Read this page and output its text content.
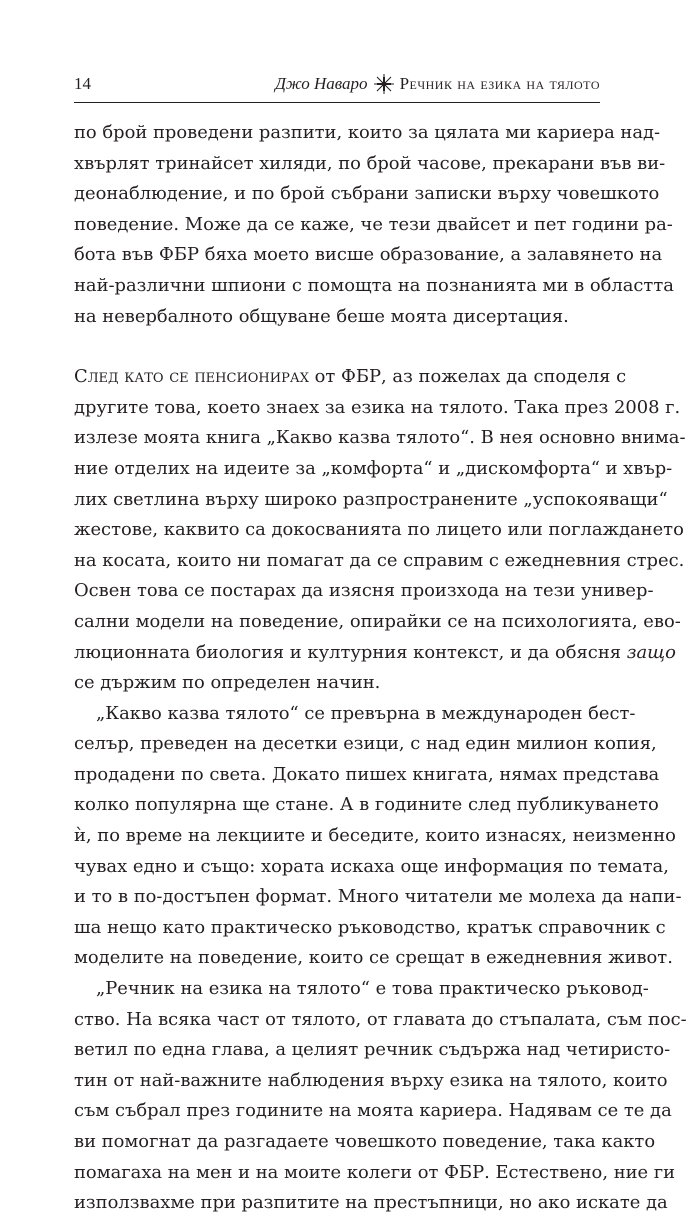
14	Джо Наваро Речник на езика на тялото
по брой проведени разпити, които за цялата ми кариера над-
хвърлят тринайсет хиляди, по брой часове, прекарани във ви-
деонаблюдение, и по брой събрани записки върху човешкото
поведение. Може да се каже, че тези двайсет и пет години ра-
бота във ФБР бяха моето висше образование, а залавянето на
най-различни шпиони с помощта на познанията ми в областта
на невербалното общуване беше моята дисертация.
След като се пенсионирах от ФБР, аз пожелах да споделя с
другите това, което знаех за езика на тялото. Така през 2008 г.
излезе моята книга „Какво казва тялото“. В нея основно внима-
ние отделих на идеите за „комфорта“ и „дискомфорта“ и хвър-
лих светлина върху широко разпространените „успокояващи“
жестове, каквито са докосванията по лицето или поглаждането
на косата, които ни помагат да се справим с ежедневния стрес.
Освен това се постарах да изясня произхода на тези универ-
сални модели на поведение, опирайки се на психологията, ево-
люционната биология и културния контекст, и да обясня защо
се държим по определен начин.
„Какво казва тялото“ се превърна в международен бест-
селър, преведен на десетки езици, с над един милион копия,
продадени по света. Докато пишех книгата, нямах представа
колко популярна ще стане. А в годините след публикуването
ѝ, по време на лекциите и беседите, които изнасях, неизменно
чувах едно и също: хората искаха още информация по темата,
и то в по-достъпен формат. Много читатели ме молеха да напи-
ша нещо като практическо ръководство, кратък справочник с
моделите на поведение, които се срещат в ежедневния живот.
„Речник на езика на тялото“ е това практическо ръковод-
ство. На всяка част от тялото, от главата до стъпалата, съм пос-
ветил по една глава, а целият речник съдържа над четиристо-
тин от най-важните наблюдения върху езика на тялото, които
съм събрал през годините на моята кариера. Надявам се те да
ви помогнат да разгадаете човешкото поведение, така както
помагаха на мен и на моите колеги от ФБР. Естествено, ние ги
използвахме при разпитите на престъпници, но ако искате да
